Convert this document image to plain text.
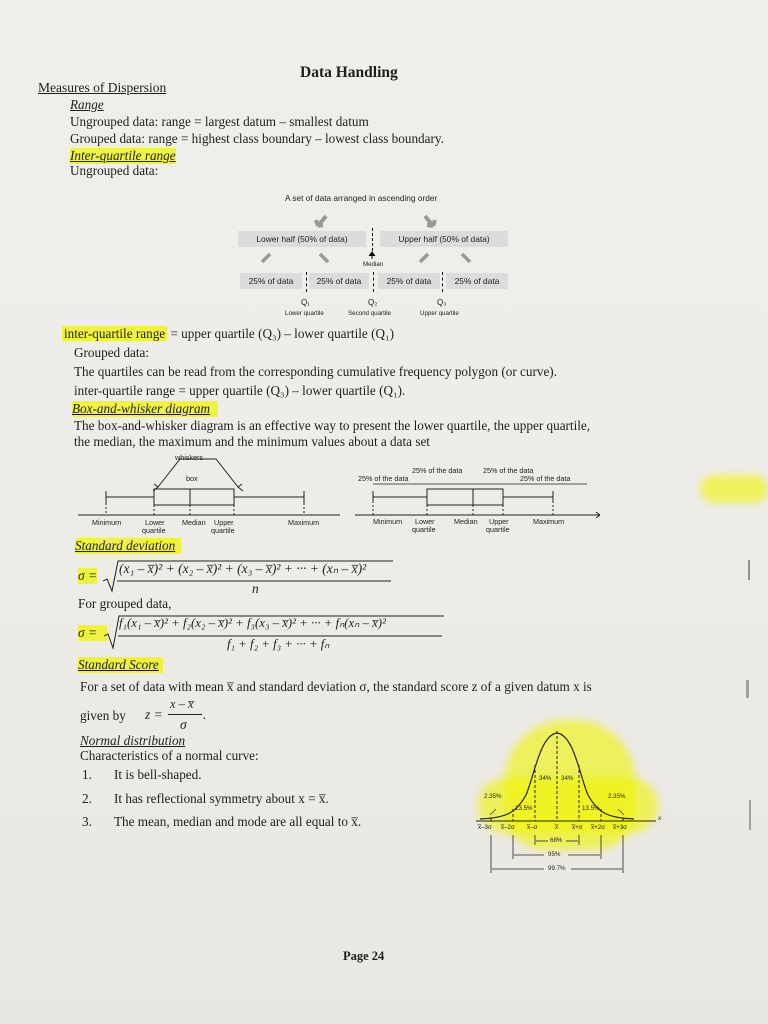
Data Handling
Measures of Dispersion
Range
Ungrouped data: range = largest datum – smallest datum
Grouped data: range = highest class boundary – lowest class boundary.
Inter-quartile range
Ungrouped data:
A set of data arranged in ascending order
Lower half (50% of data)	Upper half (50% of data)
Median
25% of data	25% of data	25% of data	25% of data
Q₁	Q₂	Q₃
Lower quartile	Second quartile	Upper quartile
inter-quartile range = upper quartile (Q₃) – lower quartile (Q₁)
Grouped data:
The quartiles can be read from the corresponding cumulative frequency polygon (or curve).
inter-quartile range = upper quartile (Q₃) – lower quartile (Q₁).
Box-and-whisker diagram
The box-and-whisker diagram is an effective way to present the lower quartile, the upper quartile,
the median, the maximum and the minimum values about a data set
whiskers
box
Minimum	Lower
quartile
Median Upper
quartile
Maximum
25% of the data	25% of the data
25% of the data	25% of the data
Minimum Lower
quartile
Median Upper
quartile
Maximum
Standard deviation
σ = (x₁ – x̅)² + (x₂ – x̅)² + (x₃ – x̅)² + ··· + (xₙ – x̅)²
n
For grouped data,
σ =
f₁(x₁ – x̅)² + f₂(x₂ – x̅)² + f₃(x₃ – x̅)² + ··· + fₙ(xₙ – x̅)²
f₁ + f₂ + f₃ + ··· + fₙ
Standard Score
For a set of data with mean x̅ and standard deviation σ, the standard score z of a given datum x is
given by z =
x – x̅
σ
.
Normal distribution
Characteristics of a normal curve:
1. It is bell-shaped.
2. It has reflectional symmetry about x = x̅.
3. The mean, median and mode are all equal to x̅.
34% 34%
13.5%	13.5%
2.35%	2.35%
x
x̅–3σ x̅–2σ x̅–σ	x̅ x̅+σ x̅+2σ x̅+3σ
68%
95%
99.7%
Page 24
